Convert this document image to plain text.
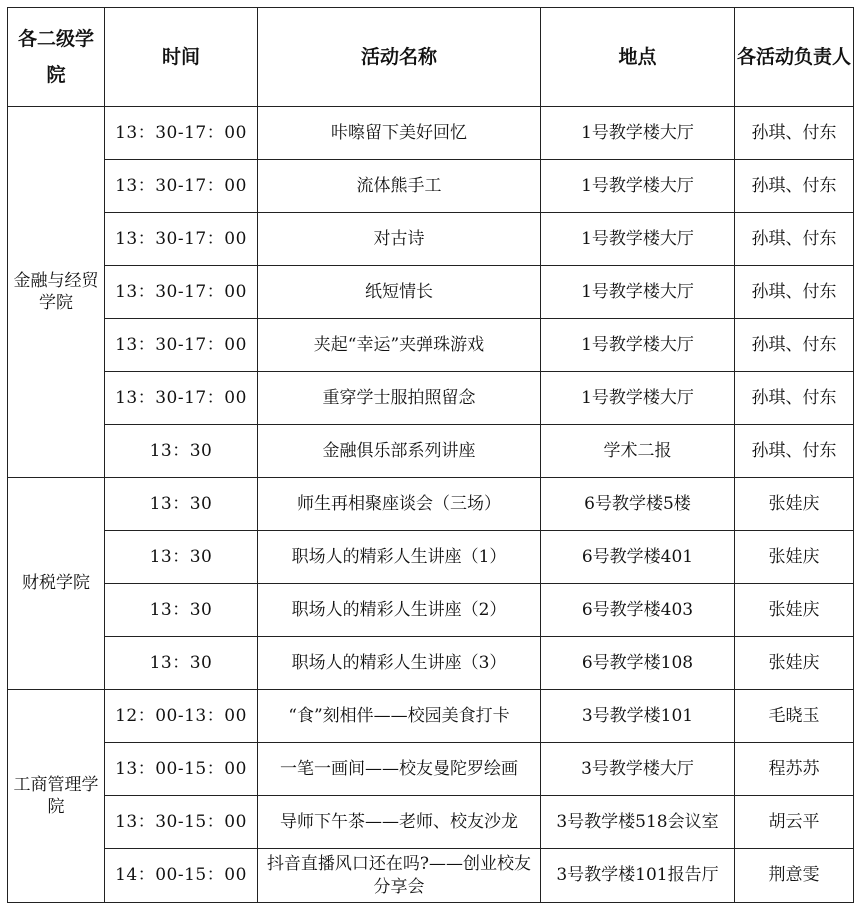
各二级学院	时间	活动名称	地点	各活动负责人
金融与经贸学院	13：30-17：00	咔嚓留下美好回忆	1号教学楼大厅	孙琪、付东
	13：30-17：00	流体熊手工	1号教学楼大厅	孙琪、付东
	13：30-17：00	对古诗	1号教学楼大厅	孙琪、付东
	13：30-17：00	纸短情长	1号教学楼大厅	孙琪、付东
	13：30-17：00	夹起“幸运”夹弹珠游戏	1号教学楼大厅	孙琪、付东
	13：30-17：00	重穿学士服拍照留念	1号教学楼大厅	孙琪、付东
	13：30	金融俱乐部系列讲座	学术二报	孙琪、付东
财税学院	13：30	师生再相聚座谈会（三场）	6号教学楼5楼	张娃庆
	13：30	职场人的精彩人生讲座（1）	6号教学楼401	张娃庆
	13：30	职场人的精彩人生讲座（2）	6号教学楼403	张娃庆
	13：30	职场人的精彩人生讲座（3）	6号教学楼108	张娃庆
工商管理学院	12：00-13：00	“食”刻相伴——校园美食打卡	3号教学楼101	毛晓玉
	13：00-15：00	一笔一画间——校友曼陀罗绘画	3号教学楼大厅	程苏苏
	13：30-15：00	导师下午茶——老师、校友沙龙	3号教学楼518会议室	胡云平
	14：00-15：00	抖音直播风口还在吗?——创业校友分享会	3号教学楼101报告厅	荆意雯
